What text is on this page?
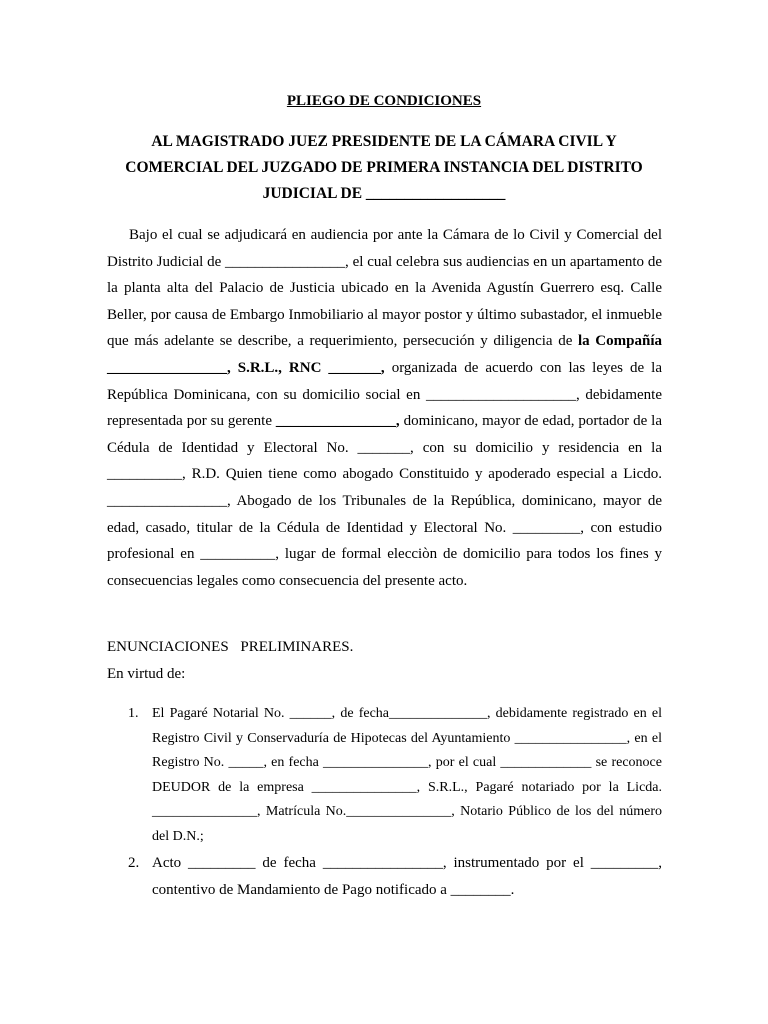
PLIEGO DE CONDICIONES
AL MAGISTRADO JUEZ PRESIDENTE DE LA CÁMARA CIVIL Y
COMERCIAL DEL JUZGADO DE PRIMERA INSTANCIA DEL DISTRITO
JUDICIAL DE __________________
Bajo el cual se adjudicará en audiencia por ante la Cámara de lo Civil y Comercial del Distrito Judicial de ________________, el cual celebra sus audiencias en un apartamento de la planta alta del Palacio de Justicia ubicado en la Avenida Agustín Guerrero esq. Calle Beller, por causa de Embargo Inmobiliario al mayor postor y último subastador, el inmueble que más adelante se describe, a requerimiento, persecución y diligencia de la Compañía ________________, S.R.L., RNC _______, organizada de acuerdo con las leyes de la República Dominicana, con su domicilio social en ____________________, debidamente representada por su gerente ________________, dominicano, mayor de edad, portador de la Cédula de Identidad y Electoral No. _______, con su domicilio y residencia en la __________, R.D. Quien tiene como abogado Constituido y apoderado especial a Licdo. ________________, Abogado de los Tribunales de la República, dominicano, mayor de edad, casado, titular de la Cédula de Identidad y Electoral No. _________, con estudio profesional en __________, lugar de formal elecciòn de domicilio para todos los fines y consecuencias legales como consecuencia del presente acto.
ENUNCIACIONES PRELIMINARES.
En virtud de:
1. El Pagaré Notarial No. ______, de fecha______________, debidamente registrado en el Registro Civil y Conservaduría de Hipotecas del Ayuntamiento ________________, en el Registro No. _____, en fecha _______________, por el cual _____________ se reconoce DEUDOR de la empresa _______________, S.R.L., Pagaré notariado por la Licda. _______________, Matrícula No._______________, Notario Público de los del número del D.N.;
2. Acto _________ de fecha ________________, instrumentado por el _________, contentivo de Mandamiento de Pago notificado a ________.
